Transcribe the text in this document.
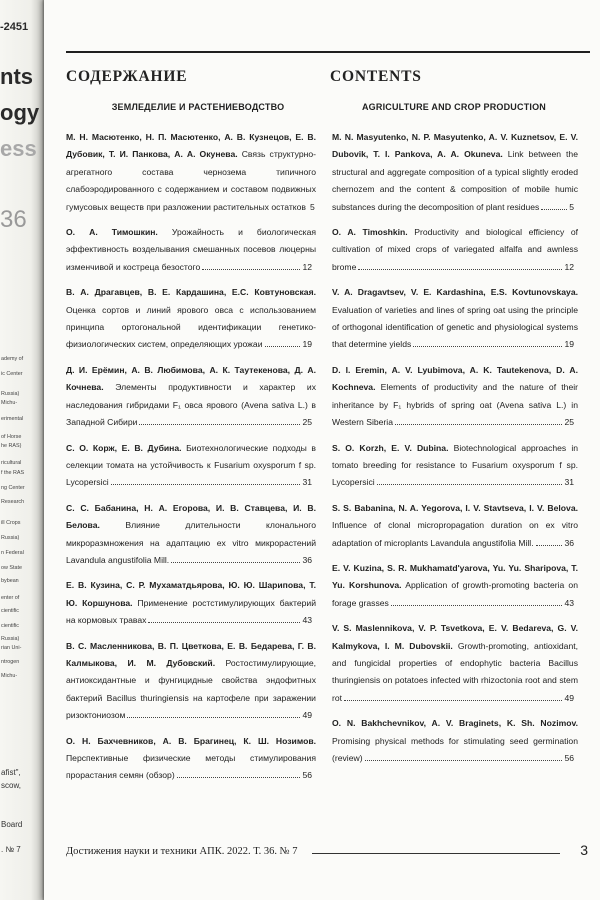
-2451
nts
ogy
ess
36
ademy of
ic Center
Russia)
Michu-
erimental
of Horse
he RAS)
ricultural
f the RAS
ng Center
Research
ill Crops
Russia)
n Federal
ow State
bybean
enter of
cientific
cientific
Russia)
rian Uni-
ntrogen
Michu-
afist",
scow,
Board
. № 7
СОДЕРЖАНИЕ
ЗЕМЛЕДЕЛИЕ И РАСТЕНИЕВОДСТВО
М. Н. Масютенко, Н. П. Масютенко, А. В. Кузнецов, Е. В. Дубовик, Т. И. Панкова, А. А. Окунева. Связь структурно-агрегатного состава чернозема типичного слабоэродированного с содержанием и составом подвижных гумусовых веществ при разложении растительных остатков 5
О. А. Тимошкин. Урожайность и биологическая эффективность возделывания смешанных посевов люцерны изменчивой и костреца безостого	12
В. А. Драгавцев, В. Е. Кардашина, Е.С. Ковтуновская. Оценка сортов и линий ярового овса с использованием принципа ортогональной идентификации генетико-физиологических систем, определяющих урожаи	19
Д. И. Ерёмин, А. В. Любимова, А. К. Таутекенова, Д. А. Кочнева. Элементы продуктивности и характер их наследования гибридами F₁ овса ярового (Avena sativa L.) в Западной Сибири	25
С. О. Корж, Е. В. Дубина. Биотехнологические подходы в селекции томата на устойчивость к Fusarium oxysporum f sp. Lycopersici	31
С. С. Бабанина, Н. А. Егорова, И. В. Ставцева, И. В. Белова.	Влияние длительности клонального микроразмножения на адаптацию ex vitro микрорастений Lavandula angustifolia Mill.	36
Е. В. Кузина, С. Р. Мухаматдьярова, Ю. Ю. Шарипова, Т. Ю. Коршунова. Применение ростстимулирующих бактерий на кормовых травах	43
В. С. Масленникова, В. П. Цветкова, Е. В. Бедарева, Г. В. Калмыкова, И. М. Дубовский. Ростостимулирующие, антиоксидантные и фунгицидные свойства эндофитных бактерий Bacillus thuringiensis на картофеле при заражении ризоктониозом	49
О. Н. Бахчевников, А. В. Брагинец, К. Ш. Нозимов. Перспективные физические методы стимулирования прорастания семян (обзор)	56
CONTENTS
AGRICULTURE AND CROP PRODUCTION
M. N. Masyutenko, N. P. Masyutenko, A. V. Kuznetsov, E. V. Dubovik, T. I. Pankova, A. A. Okuneva. Link between the structural and aggregate composition of a typical slightly eroded chernozem and the content & composition of mobile humic substances during the decomposition of plant residues	5
O. A. Timoshkin. Productivity and biological efficiency of cultivation of mixed crops of variegated alfalfa and awnless brome	12
V. A. Dragavtsev, V. E. Kardashina, E.S. Kovtunovskaya. Evaluation of varieties and lines of spring oat using the principle of orthogonal identification of genetic and physiological systems that determine yields	19
D. I. Eremin, A. V. Lyubimova, A. K. Tautekenova, D. A. Kochneva. Elements of productivity and the nature of their inheritance by F₁ hybrids of spring oat (Avena sativa L.) in Western Siberia	25
S. O. Korzh, E. V. Dubina. Biotechnological approaches in tomato breeding for resistance to Fusarium oxysporum f sp. Lycopersici	31
S. S. Babanina, N. A. Yegorova, I. V. Stavtseva, I. V. Belova. Influence of clonal micropropagation duration on ex vitro adaptation of microplants Lavandula angustifolia Mill.	36
E. V. Kuzina, S. R. Mukhamatd'yarova, Yu. Yu. Sharipova, T. Yu. Korshunova. Application of growth-promoting bacteria on forage grasses	43
V. S. Maslennikova, V. P. Tsvetkova, E. V. Bedareva, G. V. Kalmykova, I. M. Dubovskii. Growth-promoting, antioxidant, and fungicidal properties of endophytic bacteria Bacillus thuringiensis on potatoes infected with rhizoctonia root and stem rot	49
O. N. Bakhchevnikov, A. V. Braginets, K. Sh. Nozimov. Promising physical methods for stimulating seed germination (review)	56
Достижения науки и техники АПК. 2022. Т. 36. № 7	3
